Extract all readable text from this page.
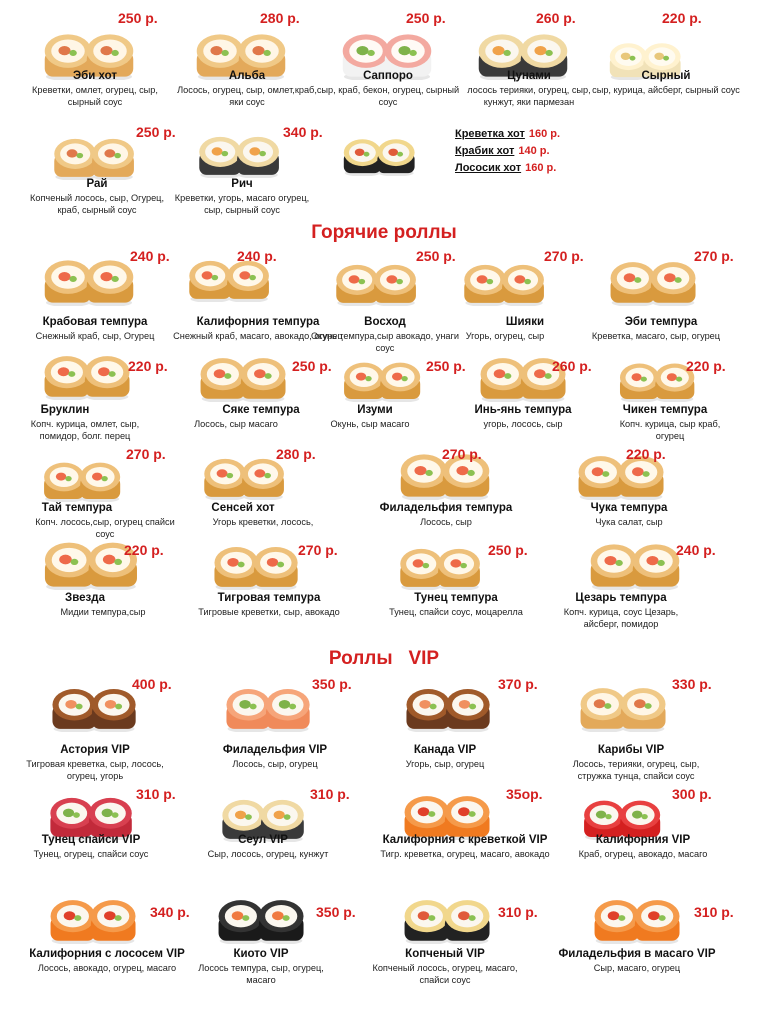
250 р.
Эби хот
Креветки, омлет, огурец, сыр, сырный соус
280 р.
Альба
Лосось, огурец, сыр, омлет,краб, яки соус
250 р.
Саппоро
сыр, краб, бекон, огурец, сырный соус
260 р.
Цунами
лосось терияки, огурец, сыр, кунжут, яки пармезан
220 р.
Сырный
сыр, курица, айсберг, сырный соус
250 р.
Рай
Копченый лосось, сыр, Огурец, краб, сырный соус
340 р.
Рич
Креветки, угорь, масаго огурец, сыр, сырный соус
Креветка хот 160 р.
Крабик хот 140 р.
Лососик хот 160 р.
Горячие роллы
240 р.
Крабовая темпура
Снежный краб, сыр, Огурец
240 р.
Калифорния темпура
Снежный краб, масаго, авокадо, огурец
250 р.
Восход
Окунь темпура,сыр авокадо, унаги соус
270 р.
Шияки
Угорь, огурец, сыр
270 р.
Эби темпура
Креветка, масаго, сыр, огурец
220 р.
Бруклин
Копч. курица, омлет, сыр, помидор, болг. перец
250 р.
Сяке темпура
Лосось, сыр масаго
250 р.
Изуми
Окунь, сыр масаго
260 р.
Инь-янь темпура
угорь, лосось, сыр
220 р.
Чикен темпура
Копч. курица, сыр краб, огурец
270 р.
Тай темпура
Копч. лосось,сыр, огурец спайси соус
280 р.
Сенсей хот
Угорь креветки, лосось,
270 р.
Филадельфия темпура
Лосось, сыр
220 р.
Чука темпура
Чука салат, сыр
220 р.
Звезда
Мидии темпура,сыр
270 р.
Тигровая темпура
Тигровые креветки, сыр, авокадо
250 р.
Тунец темпура
Тунец, спайси соус, моцарелла
240 р.
Цезарь темпура
Копч. курица, соус Цезарь, айсберг, помидор
Роллы   VIP
400 р.
Астория VIP
Тигровая креветка, сыр, лосось, огурец, угорь
350 р.
Филадельфия VIP
Лосось, сыр, огурец
370 р.
Канада VIP
Угорь, сыр, огурец
330 р.
Карибы VIP
Лосось, терияки, огурец, сыр, стружка тунца, спайси соус
310 р.
Тунец спайси VIP
Тунец, огурец, спайси соус
310 р.
Сеул VIP
Сыр, лосось, огурец, кунжут
35ор.
Калифорния с креветкой VIP
Тигр. креветка, огурец, масаго, авокадо
300 р.
Калифорния VIP
Краб, огурец, авокадо, масаго
340 р.
Калифорния с лососем VIP
Лосось, авокадо, огурец, масаго
350 р.
Киото VIP
Лосось темпура, сыр, огурец, масаго
310 р.
Копченый VIP
Копченый лосось, огурец, масаго, спайси соус
310 р.
Филадельфия в масаго VIP
Сыр, масаго, огурец
